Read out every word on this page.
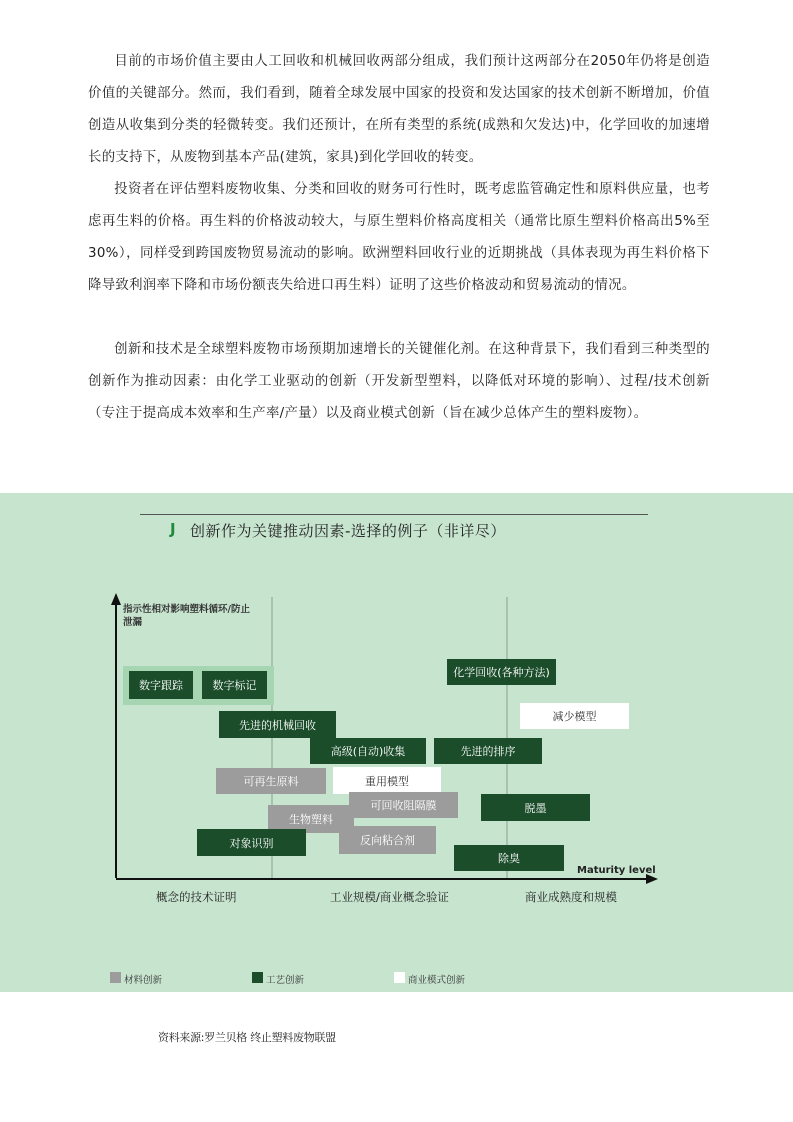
目前的市场价值主要由人工回收和机械回收两部分组成，我们预计这两部分在2050年仍将是创造价值的关键部分。然而，我们看到，随着全球发展中国家的投资和发达国家的技术创新不断增加，价值创造从收集到分类的轻微转变。我们还预计，在所有类型的系统(成熟和欠发达)中，化学回收的加速增长的支持下，从废物到基本产品(建筑，家具)到化学回收的转变。

投资者在评估塑料废物收集、分类和回收的财务可行性时，既考虑监管确定性和原料供应量，也考虑再生料的价格。再生料的价格波动较大，与原生塑料价格高度相关（通常比原生塑料价格高出5%至30%），同样受到跨国废物贸易流动的影响。欧洲塑料回收行业的近期挑战（具体表现为再生料价格下降导致利润率下降和市场份额丧失给进口再生料）证明了这些价格波动和贸易流动的情况。

创新和技术是全球塑料废物市场预期加速增长的关键催化剂。在这种背景下，我们看到三种类型的创新作为推动因素：由化学工业驱动的创新（开发新型塑料，以降低对环境的影响）、过程/技术创新（专注于提高成本效率和生产率/产量）以及商业模式创新（旨在减少总体产生的塑料废物）。

J 创新作为关键推动因素-选择的例子（非详尽）
指示性相对影响塑料循环/防止泄漏
Maturity level
概念的技术证明	工业规模/商业概念验证	商业成熟度和规模
数字跟踪	数字标记
化学回收(各种方法)
减少模型
先进的机械回收
高级(自动)收集	先进的排序
可再生原料	重用模型
生物塑料
可回收阻隔膜	脱墨
反向粘合剂
对象识别
除臭
材料创新	工艺创新	商业模式创新
资料来源:罗兰贝格 终止塑料废物联盟
